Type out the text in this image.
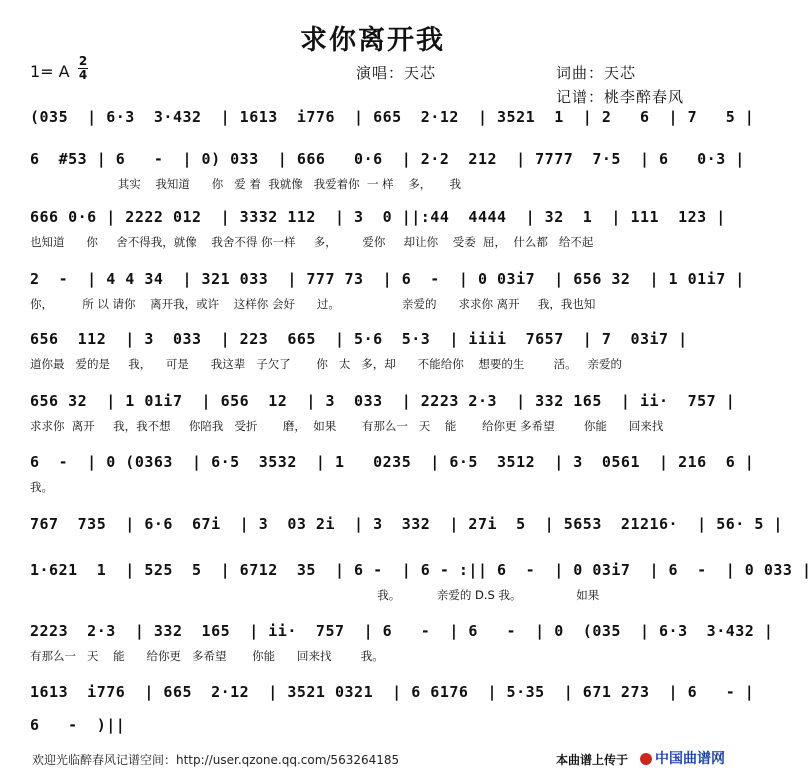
求你离开我
1= A
2
4	演唱：天芯	词曲：天芯
记谱：桃李醉春风
(035  | 6·3  3·432  | 1613  i776  | 665  2·12  | 3521  1  | 2   6  | 7   5 |
6  #53 | 6   -  | 0) 033  | 666   0·6  | 2·2  212  | 7777  7·5  | 6   0·3 |
其实    我知道      你   爱 着  我就像   我爱着你  一 样    多，     我
666 0·6 | 2222 012  | 3332 112  | 3  0 ||:44  4444  | 32  1  | 111  123 |
也知道      你     舍不得我，就像    我舍不得 你一样     多，       爱你     却让你    受委  屈，  什么都   给不起
2  -  | 4 4 34  | 321 033  | 777 73  | 6  -  | 0 03i7  | 656 32  | 1 01i7 |
你，        所 以 请你    离开我，或许    这样你 会好      过。                 亲爱的      求求你 离开     我，我也知
656  112  | 3  033  | 223  665  | 5·6  5·3  | iiii  7657  | 7  03i7 |
道你最   爱的是     我，    可是      我这辈   子欠了       你   太   多，却      不能给你    想要的生        活。   亲爱的
656 32  | 1 01i7  | 656  12  | 3  033  | 2223 2·3  | 332 165  | ii·  757 |
求求你  离开     我，我不想     你陪我   受折       磨，  如果       有那么一   天    能       给你更 多希望        你能      回来找
6  -  | 0 (0363  | 6·5  3532  | 1   0235  | 6·5  3512  | 3  0561  | 216  6 |
我。
767  735  | 6·6  67i  | 3  03 2i  | 3  332  | 27i  5  | 5653  21216·  | 56· 5 |
1·621  1  | 525  5  | 6712  35  | 6 -  | 6 - :|| 6  -  | 0 03i7  | 6  -  | 0 033 |
我。          亲爱的 D.S 我。               如果
2223  2·3  | 332  165  | ii·  757  | 6   -  | 6   -  | 0  (035  | 6·3  3·432 |
有那么一   天    能      给你更   多希望       你能      回来找        我。
1613  i776  | 665  2·12  | 3521 0321  | 6 6176  | 5·35  | 671 273  | 6   - |
6   -  )||
欢迎光临醉春风记谱空间：http://user.qzone.qq.com/563264185	本曲谱上传于	中国曲谱网
